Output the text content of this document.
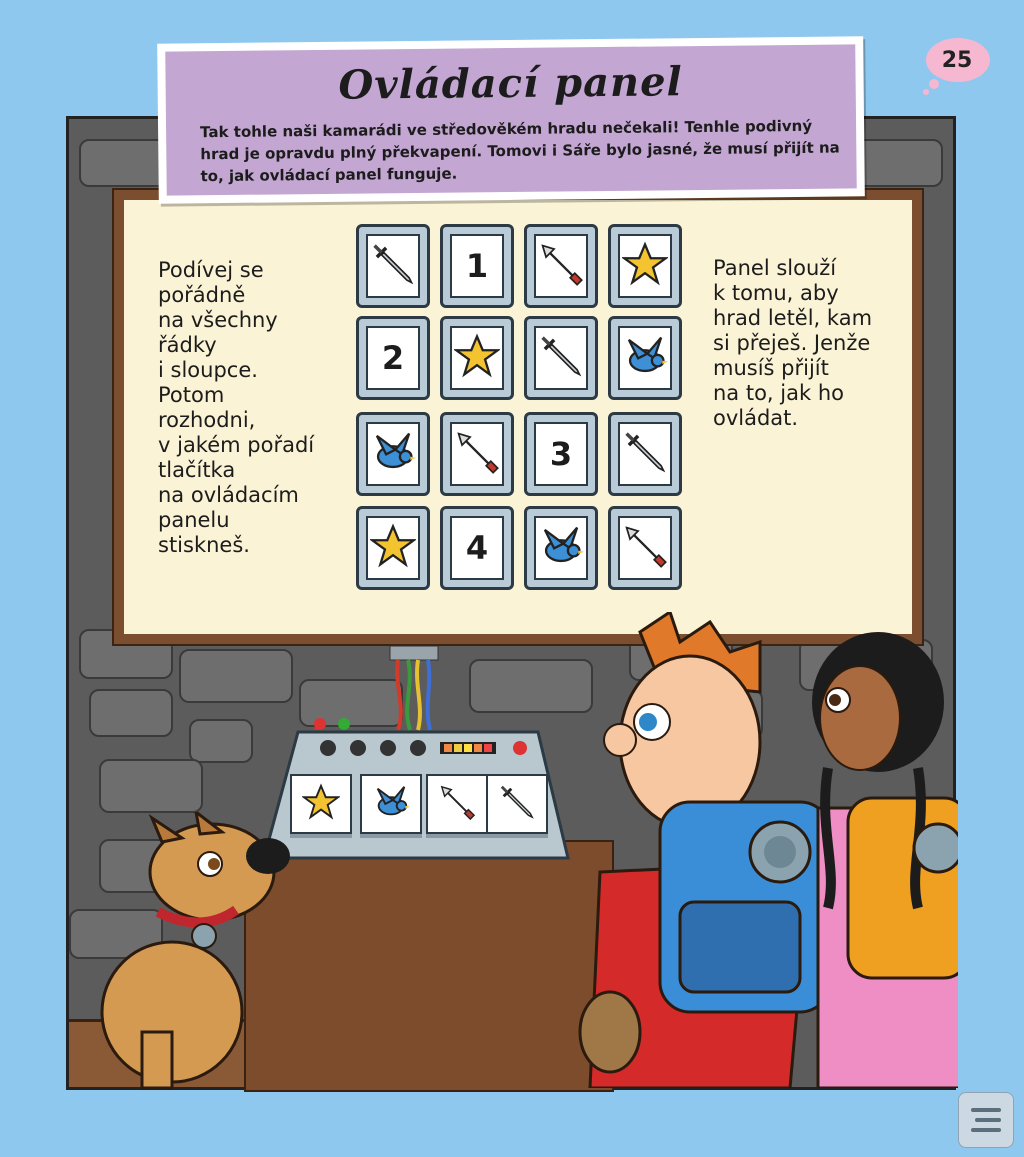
25
Podívej se
pořádně
na všechny
řádky
i sloupce.
Potom
rozhodni,
v jakém pořadí
tlačítka
na ovládacím
panelu
stiskneš.
Panel slouží
k tomu, aby
hrad letěl, kam
si přeješ. Jenže
musíš přijít
na to, jak ho
ovládat.
1
2
3
4
Ovládací panel
Tak tohle naši kamarádi ve středověkém hradu nečekali! Tenhle podivný hrad je opravdu plný překvapení. Tomovi i Sáře bylo jasné, že musí přijít na to, jak ovládací panel funguje.
